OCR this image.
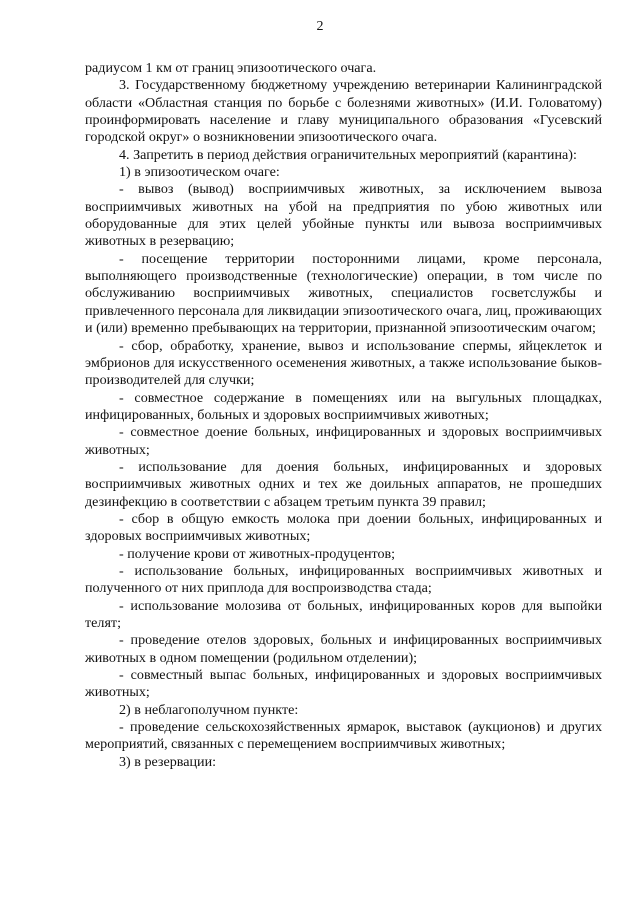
2

радиусом 1 км от границ эпизоотического очага.

3. Государственному бюджетному учреждению ветеринарии Калининградской области «Областная станция по борьбе с болезнями животных» (И.И. Головатому) проинформировать население и главу муниципального образования «Гусевский городской округ» о возникновении эпизоотического очага.

4. Запретить в период действия ограничительных мероприятий (карантина):

1) в эпизоотическом очаге:

- вывоз (вывод) восприимчивых животных, за исключением вывоза восприимчивых животных на убой на предприятия по убою животных или оборудованные для этих целей убойные пункты или вывоза восприимчивых животных в резервацию;

- посещение территории посторонними лицами, кроме персонала, выполняющего производственные (технологические) операции, в том числе по обслуживанию восприимчивых животных, специалистов госветслужбы и привлеченного персонала для ликвидации эпизоотического очага, лиц, проживающих и (или) временно пребывающих на территории, признанной эпизоотическим очагом;

- сбор, обработку, хранение, вывоз и использование спермы, яйцеклеток и эмбрионов для искусственного осеменения животных, а также использование быков-производителей для случки;

- совместное содержание в помещениях или на выгульных площадках, инфицированных, больных и здоровых восприимчивых животных;

- совместное доение больных, инфицированных и здоровых восприимчивых животных;

- использование для доения больных, инфицированных и здоровых восприимчивых животных одних и тех же доильных аппаратов, не прошедших дезинфекцию в соответствии с абзацем третьим пункта 39 правил;

- сбор в общую емкость молока при доении больных, инфицированных и здоровых восприимчивых животных;

- получение крови от животных-продуцентов;

- использование больных, инфицированных восприимчивых животных и полученного от них приплода для воспроизводства стада;

- использование молозива от больных, инфицированных коров для выпойки телят;

- проведение отелов здоровых, больных и инфицированных восприимчивых животных в одном помещении (родильном отделении);

- совместный выпас больных, инфицированных и здоровых восприимчивых животных;

2) в неблагополучном пункте:

- проведение сельскохозяйственных ярмарок, выставок (аукционов) и других мероприятий, связанных с перемещением восприимчивых животных;

3) в резервации:
